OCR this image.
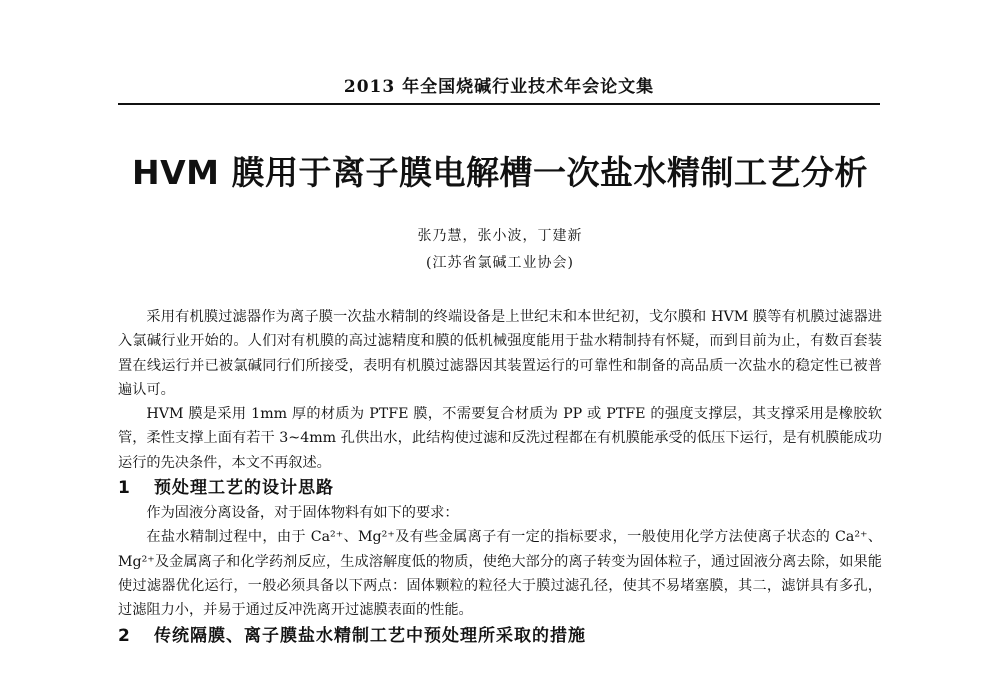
2013 年全国烧碱行业技术年会论文集
HVM 膜用于离子膜电解槽一次盐水精制工艺分析
张乃慧，张小波，丁建新
(江苏省氯碱工业协会)

采用有机膜过滤器作为离子膜一次盐水精制的终端设备是上世纪末和本世纪初，戈尔膜和 HVM 膜等有机膜过滤器进入氯碱行业开始的。人们对有机膜的高过滤精度和膜的低机械强度能用于盐水精制持有怀疑，而到目前为止，有数百套装置在线运行并已被氯碱同行们所接受，表明有机膜过滤器因其装置运行的可靠性和制备的高品质一次盐水的稳定性已被普遍认可。

HVM 膜是采用 1mm 厚的材质为 PTFE 膜，不需要复合材质为 PP 或 PTFE 的强度支撑层，其支撑采用是橡胶软管，柔性支撑上面有若干 3~4mm 孔供出水，此结构使过滤和反洗过程都在有机膜能承受的低压下运行，是有机膜能成功运行的先决条件，本文不再叙述。

1 预处理工艺的设计思路

作为固液分离设备，对于固体物料有如下的要求：

在盐水精制过程中，由于 Ca²⁺、Mg²⁺及有些金属离子有一定的指标要求，一般使用化学方法使离子状态的 Ca²⁺、Mg²⁺及金属离子和化学药剂反应，生成溶解度低的物质，使绝大部分的离子转变为固体粒子，通过固液分离去除，如果能使过滤器优化运行，一般必须具备以下两点：固体颗粒的粒径大于膜过滤孔径，使其不易堵塞膜，其二，滤饼具有多孔，过滤阻力小，并易于通过反冲洗离开过滤膜表面的性能。

2 传统隔膜、离子膜盐水精制工艺中预处理所采取的措施
